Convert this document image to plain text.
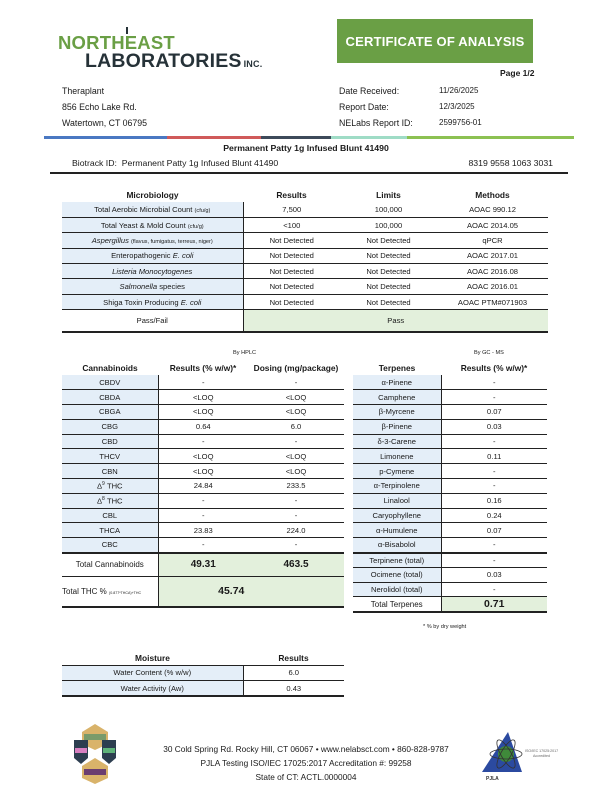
NORTHEAST
LABORATORIES INC.
CERTIFICATE OF ANALYSIS
Page 1/2
Theraplant
856 Echo Lake Rd.
Watertown, CT 06795
Date Received:	11/26/2025
Report Date:	12/3/2025
NELabs Report ID:	2599756-01
Permanent Patty 1g Infused Blunt 41490
Biotrack ID: Permanent Patty 1g Infused Blunt 41490	8319 9558 1063 3031
Microbiology	Results	Limits	Methods
Total Aerobic Microbial Count (cfu/g)	7,500	100,000	AOAC 990.12
Total Yeast & Mold Count (cfu/g)	<100	100,000	AOAC 2014.05
Aspergillus (flavus, fumigatus, terreus, niger)	Not Detected	Not Detected	qPCR
Enteropathogenic E. coli	Not Detected	Not Detected	AOAC 2017.01
Listeria Monocytogenes	Not Detected	Not Detected	AOAC 2016.08
Salmonella species	Not Detected	Not Detected	AOAC 2016.01
Shiga Toxin Producing E. coli	Not Detected	Not Detected	AOAC PTM#071903
Pass/Fail	Pass		
By HPLC	By GC - MS
Cannabinoids	Results (% w/w)*	Dosing (mg/package)
CBDV	-	-
CBDA	<LOQ	<LOQ
CBGA	<LOQ	<LOQ
CBG	0.64	6.0
CBD	-	-
THCV	<LOQ	<LOQ
CBN	<LOQ	<LOQ
$\Delta^9$ THC	24.84	233.5
$\Delta^8$ THC	-	-
CBL	-	-
THCA	23.83	224.0
CBC	-	-
Total Cannabinoids	49.31	463.5
Total THC % (0.877*THCA)+THC	45.74	
Terpenes	Results (% w/w)*
α-Pinene	-
Camphene	-
β-Myrcene	0.07
β-Pinene	0.03
δ-3-Carene	-
Limonene	0.11
p-Cymene	-
α-Terpinolene	-
Linalool	0.16
Caryophyllene	0.24
α-Humulene	0.07
α-Bisabolol	-
Terpinene (total)	-
Ocimene (total)	0.03
Nerolidol (total)	-
Total Terpenes	0.71
* % by dry weight
Moisture	Results
Water Content (% w/w)	6.0
Water Activity (Aw)	0.43
30 Cold Spring Rd. Rocky Hill, CT 06067 • www.nelabsct.com • 860-828-9787
PJLA Testing ISO/IEC 17025:2017 Accreditation #: 99258
State of CT: ACTL.0000004	PJLA
ISO/IEC 17025:2017
Accredited
